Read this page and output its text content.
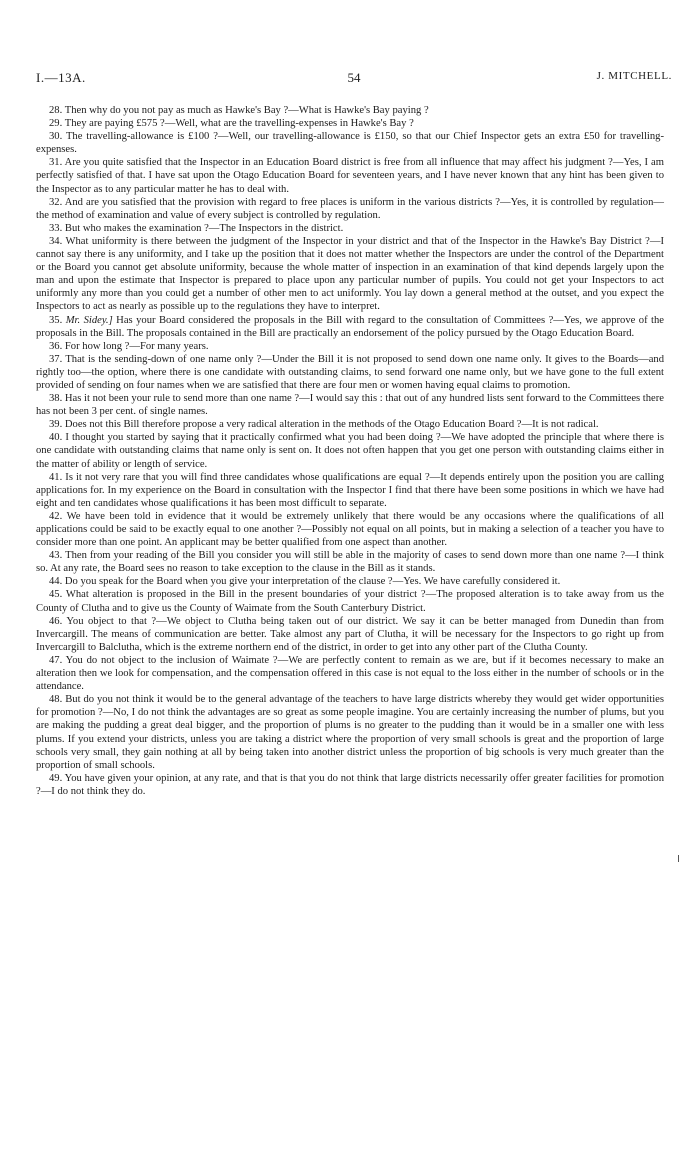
I.—13A.	54	J. MITCHELL.

28. Then why do you not pay as much as Hawke's Bay ?—What is Hawke's Bay paying ?

29. They are paying £575 ?—Well, what are the travelling-expenses in Hawke's Bay ?

30. The travelling-allowance is £100 ?—Well, our travelling-allowance is £150, so that our Chief Inspector gets an extra £50 for travelling-expenses.

31. Are you quite satisfied that the Inspector in an Education Board district is free from all influence that may affect his judgment ?—Yes, I am perfectly satisfied of that. I have sat upon the Otago Education Board for seventeen years, and I have never known that any hint has been given to the Inspector as to any particular matter he has to deal with.

32. And are you satisfied that the provision with regard to free places is uniform in the various districts ?—Yes, it is controlled by regulation—the method of examination and value of every subject is controlled by regulation.

33. But who makes the examination ?—The Inspectors in the district.

34. What uniformity is there between the judgment of the Inspector in your district and that of the Inspector in the Hawke's Bay District ?—I cannot say there is any uniformity, and I take up the position that it does not matter whether the Inspectors are under the control of the Department or the Board you cannot get absolute uniformity, because the whole matter of inspection in an examination of that kind depends largely upon the man and upon the estimate that Inspector is prepared to place upon any particular number of pupils. You could not get your Inspectors to act uniformly any more than you could get a number of other men to act uniformly. You lay down a general method at the outset, and you expect the Inspectors to act as nearly as possible up to the regulations they have to interpret.

35. Mr. Sidey.] Has your Board considered the proposals in the Bill with regard to the consultation of Committees ?—Yes, we approve of the proposals in the Bill. The proposals contained in the Bill are practically an endorsement of the policy pursued by the Otago Education Board.

36. For how long ?—For many years.

37. That is the sending-down of one name only ?—Under the Bill it is not proposed to send down one name only. It gives to the Boards—and rightly too—the option, where there is one candidate with outstanding claims, to send forward one name only, but we have gone to the full extent provided of sending on four names when we are satisfied that there are four men or women having equal claims to promotion.

38. Has it not been your rule to send more than one name ?—I would say this : that out of any hundred lists sent forward to the Committees there has not been 3 per cent. of single names.

39. Does not this Bill therefore propose a very radical alteration in the methods of the Otago Education Board ?—It is not radical.

40. I thought you started by saying that it practically confirmed what you had been doing ?—We have adopted the principle that where there is one candidate with outstanding claims that name only is sent on. It does not often happen that you get one person with outstanding claims either in the matter of ability or length of service.

41. Is it not very rare that you will find three candidates whose qualifications are equal ?—It depends entirely upon the position you are calling applications for. In my experience on the Board in consultation with the Inspector I find that there have been some positions in which we have had eight and ten candidates whose qualifications it has been most difficult to separate.

42. We have been told in evidence that it would be extremely unlikely that there would be any occasions where the qualifications of all applications could be said to be exactly equal to one another ?—Possibly not equal on all points, but in making a selection of a teacher you have to consider more than one point. An applicant may be better qualified from one aspect than another.

43. Then from your reading of the Bill you consider you will still be able in the majority of cases to send down more than one name ?—I think so. At any rate, the Board sees no reason to take exception to the clause in the Bill as it stands.

44. Do you speak for the Board when you give your interpretation of the clause ?—Yes. We have carefully considered it.

45. What alteration is proposed in the Bill in the present boundaries of your district ?—The proposed alteration is to take away from us the County of Clutha and to give us the County of Waimate from the South Canterbury District.

46. You object to that ?—We object to Clutha being taken out of our district. We say it can be better managed from Dunedin than from Invercargill. The means of communication are better. Take almost any part of Clutha, it will be necessary for the Inspectors to go right up from Invercargill to Balclutha, which is the extreme northern end of the district, in order to get into any other part of the Clutha County.

47. You do not object to the inclusion of Waimate ?—We are perfectly content to remain as we are, but if it becomes necessary to make an alteration then we look for compensation, and the compensation offered in this case is not equal to the loss either in the number of schools or in the attendance.

48. But do you not think it would be to the general advantage of the teachers to have large districts whereby they would get wider opportunities for promotion ?—No, I do not think the advantages are so great as some people imagine. You are certainly increasing the number of plums, but you are making the pudding a great deal bigger, and the proportion of plums is no greater to the pudding than it would be in a smaller one with less plums. If you extend your districts, unless you are taking a district where the proportion of very small schools is great and the proportion of large schools very small, they gain nothing at all by being taken into another district unless the proportion of big schools is very much greater than the proportion of small schools.

49. You have given your opinion, at any rate, and that is that you do not think that large districts necessarily offer greater facilities for promotion ?—I do not think they do.
